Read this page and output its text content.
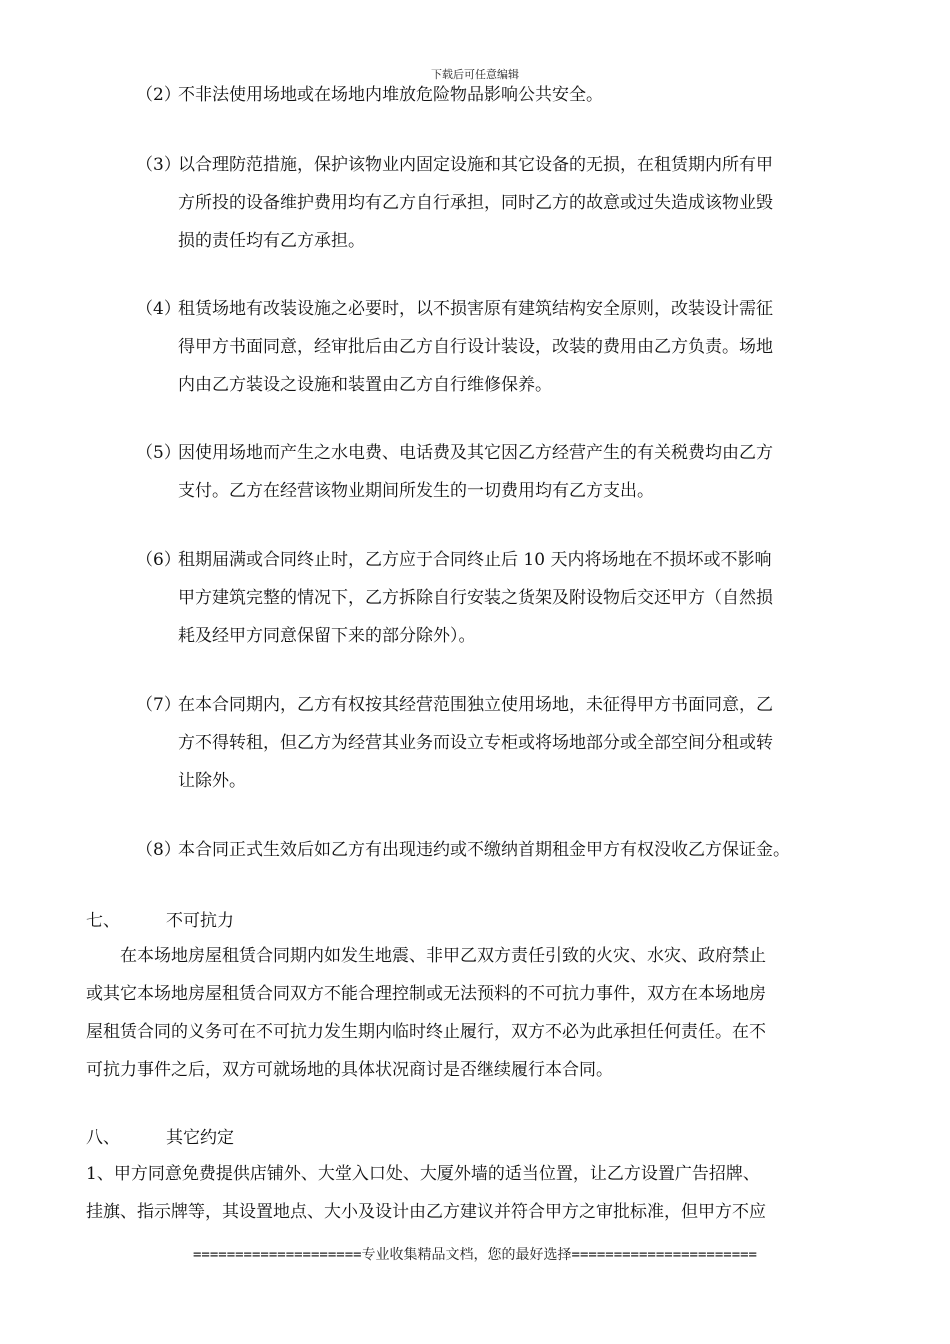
下载后可任意编辑
（2）
不非法使用场地或在场地内堆放危险物品影响公共安全。
（3）
以合理防范措施，保护该物业内固定设施和其它设备的无损，在租赁期内所有甲
方所投的设备维护费用均有乙方自行承担，同时乙方的故意或过失造成该物业毁
损的责任均有乙方承担。
（4）
租赁场地有改装设施之必要时，以不损害原有建筑结构安全原则，改装设计需征
得甲方书面同意，经审批后由乙方自行设计装设，改装的费用由乙方负责。场地
内由乙方装设之设施和装置由乙方自行维修保养。
（5）
因使用场地而产生之水电费、电话费及其它因乙方经营产生的有关税费均由乙方
支付。乙方在经营该物业期间所发生的一切费用均有乙方支出。
（6）
租期届满或合同终止时，乙方应于合同终止后 10 天内将场地在不损坏或不影响
甲方建筑完整的情况下，乙方拆除自行安装之货架及附设物后交还甲方（自然损
耗及经甲方同意保留下来的部分除外）。
（7）
在本合同期内，乙方有权按其经营范围独立使用场地，未征得甲方书面同意，乙
方不得转租，但乙方为经营其业务而设立专柜或将场地部分或全部空间分租或转
让除外。
（8）
本合同正式生效后如乙方有出现违约或不缴纳首期租金甲方有权没收乙方保证金。
七、	不可抗力
　　在本场地房屋租赁合同期内如发生地震、非甲乙双方责任引致的火灾、水灾、政府禁止
或其它本场地房屋租赁合同双方不能合理控制或无法预料的不可抗力事件，双方在本场地房
屋租赁合同的义务可在不可抗力发生期内临时终止履行，双方不必为此承担任何责任。在不
可抗力事件之后，双方可就场地的具体状况商讨是否继续履行本合同。
八、	其它约定
1、甲方同意免费提供店铺外、大堂入口处、大厦外墙的适当位置，让乙方设置广告招牌、
挂旗、指示牌等，其设置地点、大小及设计由乙方建议并符合甲方之审批标准，但甲方不应
====================专业收集精品文档，您的最好选择======================
